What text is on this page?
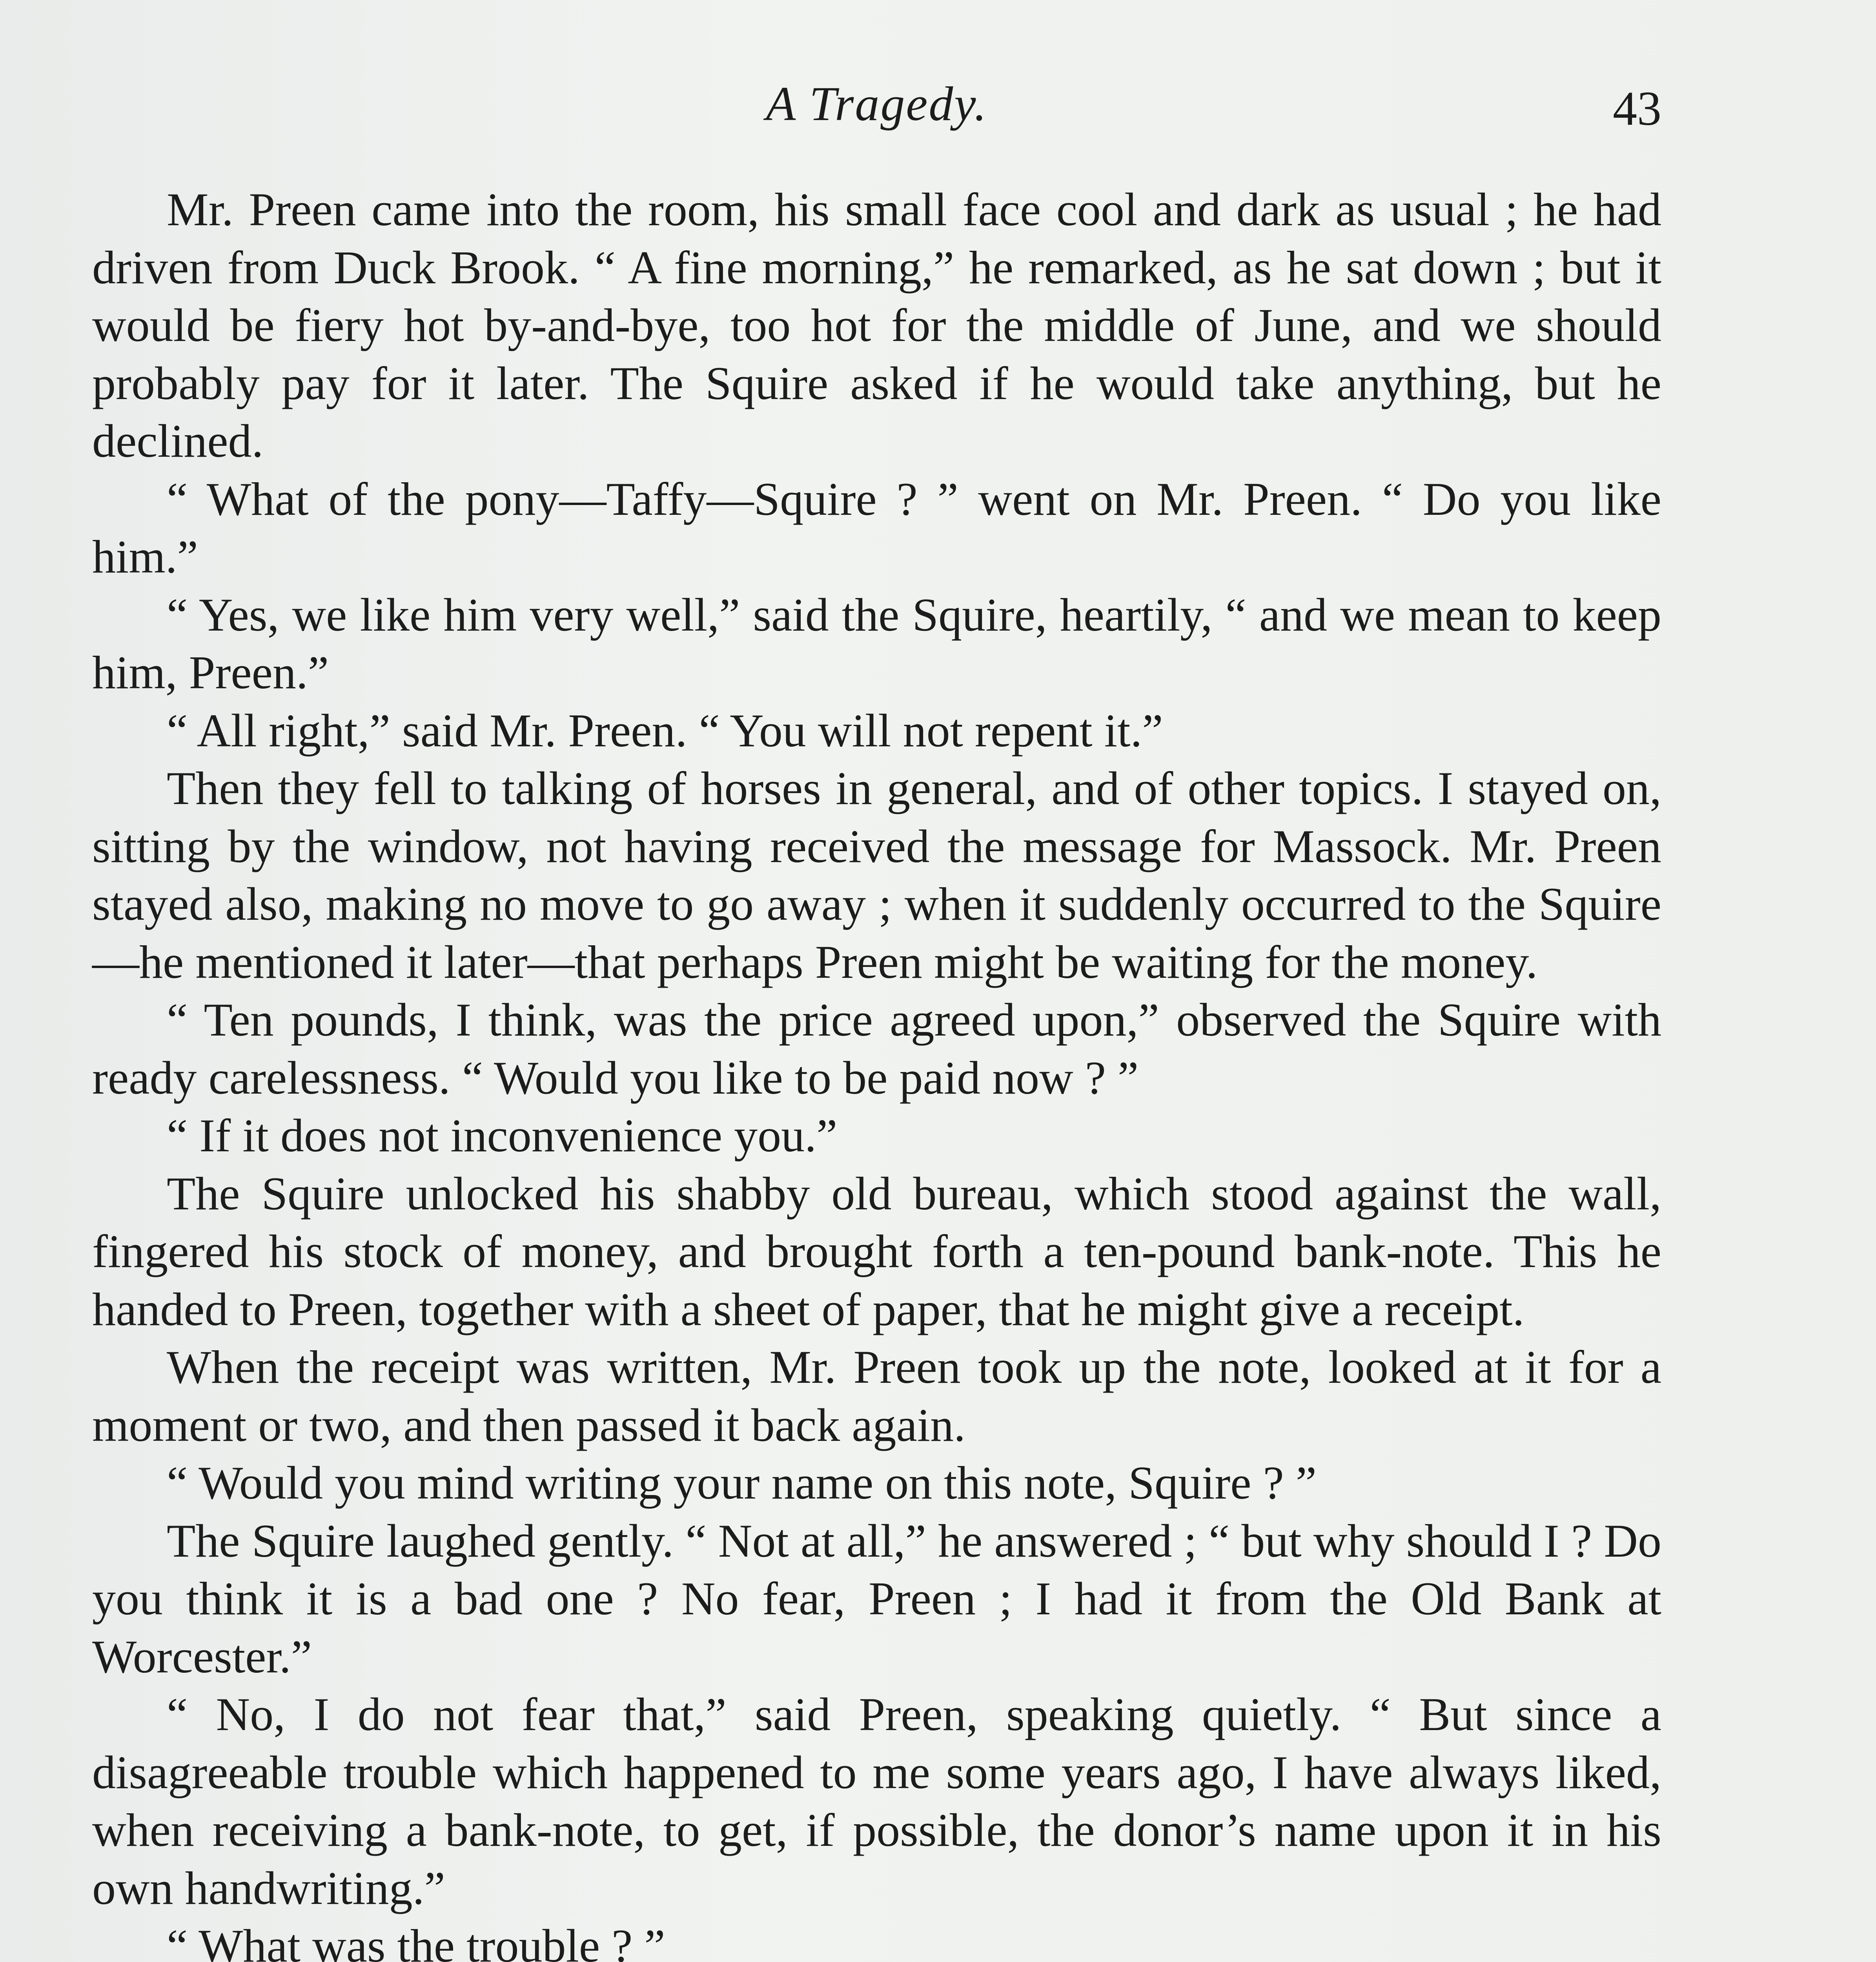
A Tragedy.	43

Mr. Preen came into the room, his small face cool and dark as usual ; he had driven from Duck Brook. “ A fine morning,” he remarked, as he sat down ; but it would be fiery hot by-and-bye, too hot for the middle of June, and we should probably pay for it later. The Squire asked if he would take anything, but he declined.

“ What of the pony—Taffy—Squire ? ” went on Mr. Preen. “ Do you like him.”

“ Yes, we like him very well,” said the Squire, heartily, “ and we mean to keep him, Preen.”

“ All right,” said Mr. Preen. “ You will not repent it.”

Then they fell to talking of horses in general, and of other topics. I stayed on, sitting by the window, not having received the message for Massock. Mr. Preen stayed also, making no move to go away ; when it suddenly occurred to the Squire—he mentioned it later—that perhaps Preen might be waiting for the money.

“ Ten pounds, I think, was the price agreed upon,” observed the Squire with ready carelessness. “ Would you like to be paid now ? ”

“ If it does not inconvenience you.”

The Squire unlocked his shabby old bureau, which stood against the wall, fingered his stock of money, and brought forth a ten-pound bank-note. This he handed to Preen, together with a sheet of paper, that he might give a receipt.

When the receipt was written, Mr. Preen took up the note, looked at it for a moment or two, and then passed it back again.

“ Would you mind writing your name on this note, Squire ? ”

The Squire laughed gently. “ Not at all,” he answered ; “ but why should I ? Do you think it is a bad one ? No fear, Preen ; I had it from the Old Bank at Worcester.”

“ No, I do not fear that,” said Preen, speaking quietly. “ But since a disagreeable trouble which happened to me some years ago, I have always liked, when receiving a bank-note, to get, if possible, the donor’s name upon it in his own handwriting.”

“ What was the trouble ? ”
